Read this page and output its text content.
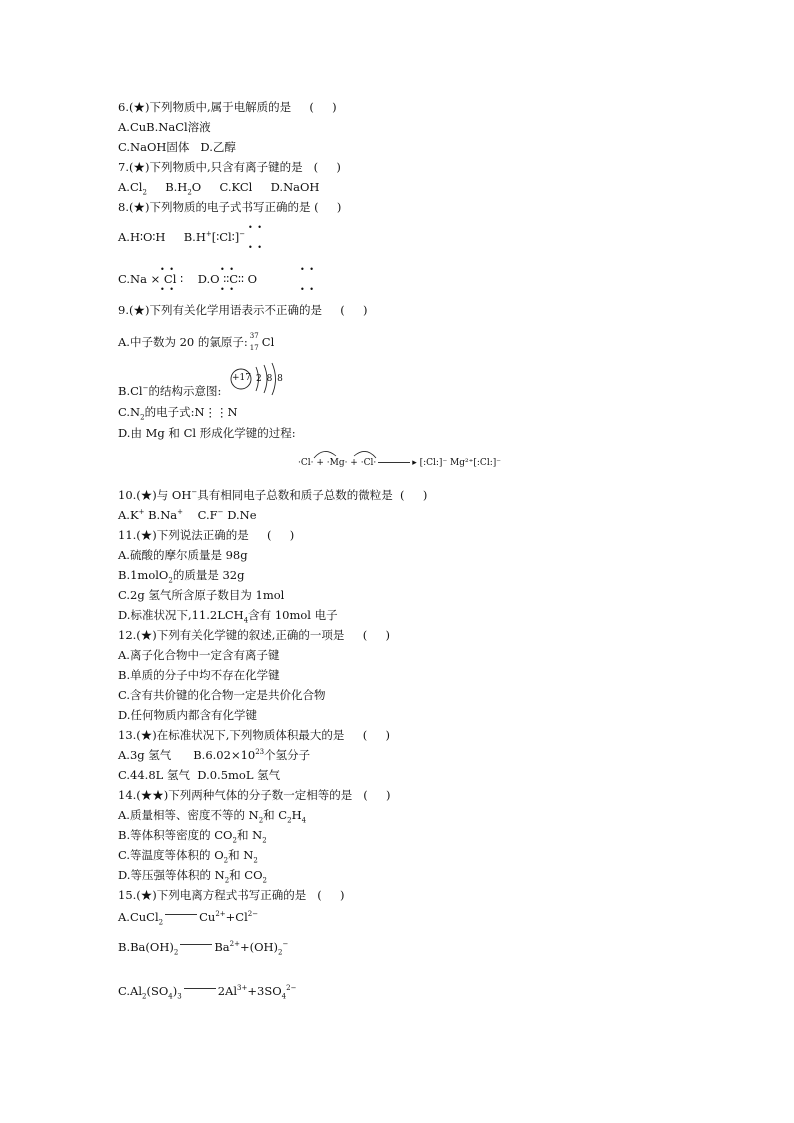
6.(★)下列物质中,属于电解质的是     (     )
A.CuB.NaCl溶液
C.NaOH固体   D.乙醇
7.(★)下列物质中,只含有离子键的是   (     )
$A.Cl_2$ $B.H_2O$ C.KCl D.NaOH
8.(★)下列物质的电子式书写正确的是 (     )
A.H∶O∶H B.H+[∶Cl∶]−
• •
• •
C.Na × Cl ∶ D.O ∶∶C∶∶ O
• •
• •
• •
• •
• •
• •
9.(★)下列有关化学用语表示不正确的是     (     )
A.中子数为 20 的氯原子: 37
17 Cl
+17 2 8 8
B.Cl−的结构示意图:
$C.N_2$的电子式:N⋮⋮N
D.由 Mg 和 Cl 形成化学键的过程:
·Cl· + ·Mg· + ·Cl·	▸ [:Cl:]⁻ Mg²⁺[:Cl:]⁻
10.(★)与 OH−具有相同电子总数和质子总数的微粒是  (     )
A.K+ B.Na+ C.F− D.Ne
11.(★)下列说法正确的是     (     )
A.硫酸的摩尔质量是 98g
B.1molO$_2$的质量是 32g
C.2g 氢气所含原子数目为 1mol
D.标准状况下$,11.2LCH_4$含有 10mol 电子
12.(★)下列有关化学键的叙述,正确的一项是     (     )
A.离子化合物中一定含有离子键
B.单质的分子中均不存在化学键
C.含有共价键的化合物一定是共价化合物
D.任何物质内都含有化学键
13.(★)在标准状况下,下列物质体积最大的是     (     )
A.3g 氢气      $B.6.02\times 10^{23}$个氢分子
C.44.8L 氢气  D.0.5moL 氢气
14.(★★)下列两种气体的分子数一定相等的是   (     )
A.质量相等、密度不等的 $N_2$和 $C_2H_4$
B.等体积等密度的 $CO_2$和 $N_2$
C.等温度等体积的 $O_2$和 $N_2$
D.等压强等体积的 $N_2$和 $CO_2$
15.(★)下列电离方程式书写正确的是   (     )
A.CuCl$_2$	$Cu^{2+}+Cl^{2-}$
$B.Ba(OH)_2$	$Ba^{2+}+(OH)_2^-$
$C.Al_2(SO_4)_3$	$2Al^{3+}+3SO_4^{2-}$
